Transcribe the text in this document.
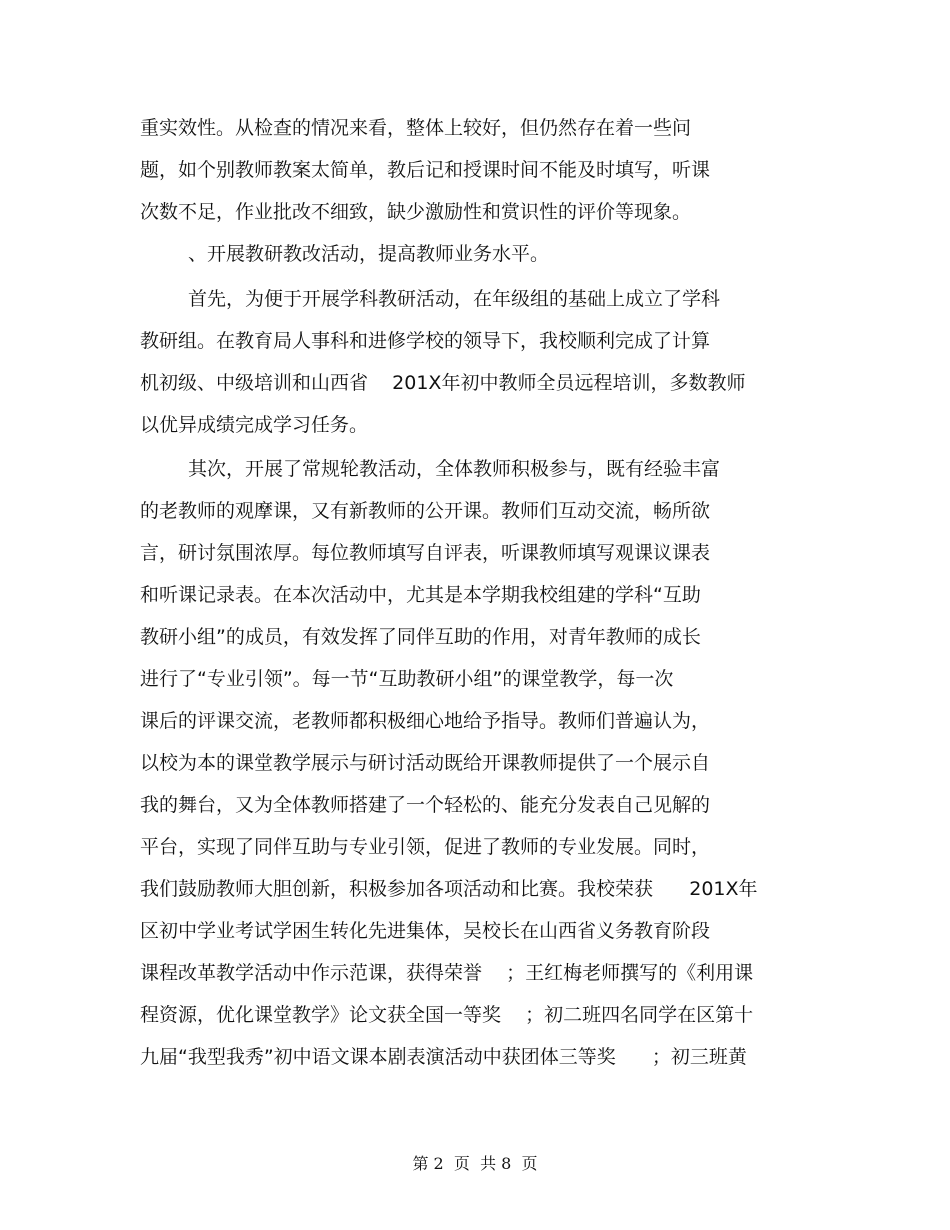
重实效性。从检查的情况来看，整体上较好，但仍然存在着一些问
题，如个别教师教案太简单，教后记和授课时间不能及时填写，听课
次数不足，作业批改不细致，缺少激励性和赏识性的评价等现象。
、开展教研教改活动，提高教师业务水平。
首先，为便于开展学科教研活动，在年级组的基础上成立了学科
教研组。在教育局人事科和进修学校的领导下，我校顺利完成了计算
机初级、中级培训和山西省    201X年初中教师全员远程培训，多数教师
以优异成绩完成学习任务。
其次，开展了常规轮教活动，全体教师积极参与，既有经验丰富
的老教师的观摩课，又有新教师的公开课。教师们互动交流，畅所欲
言，研讨氛围浓厚。每位教师填写自评表，听课教师填写观课议课表
和听课记录表。在本次活动中，尤其是本学期我校组建的学科“互助
教研小组”的成员，有效发挥了同伴互助的作用，对青年教师的成长
进行了“专业引领”。每一节“互助教研小组”的课堂教学，每一次
课后的评课交流，老教师都积极细心地给予指导。教师们普遍认为，
以校为本的课堂教学展示与研讨活动既给开课教师提供了一个展示自
我的舞台，又为全体教师搭建了一个轻松的、能充分发表自己见解的
平台，实现了同伴互助与专业引领，促进了教师的专业发展。同时，
我们鼓励教师大胆创新，积极参加各项活动和比赛。我校荣获      201X年
区初中学业考试学困生转化先进集体，吴校长在山西省义务教育阶段
课程改革教学活动中作示范课，获得荣誉    ；王红梅老师撰写的《利用课
程资源，优化课堂教学》论文获全国一等奖    ；初二班四名同学在区第十
九届“我型我秀”初中语文课本剧表演活动中获团体三等奖      ；初三班黄
第 2  页  共 8  页
